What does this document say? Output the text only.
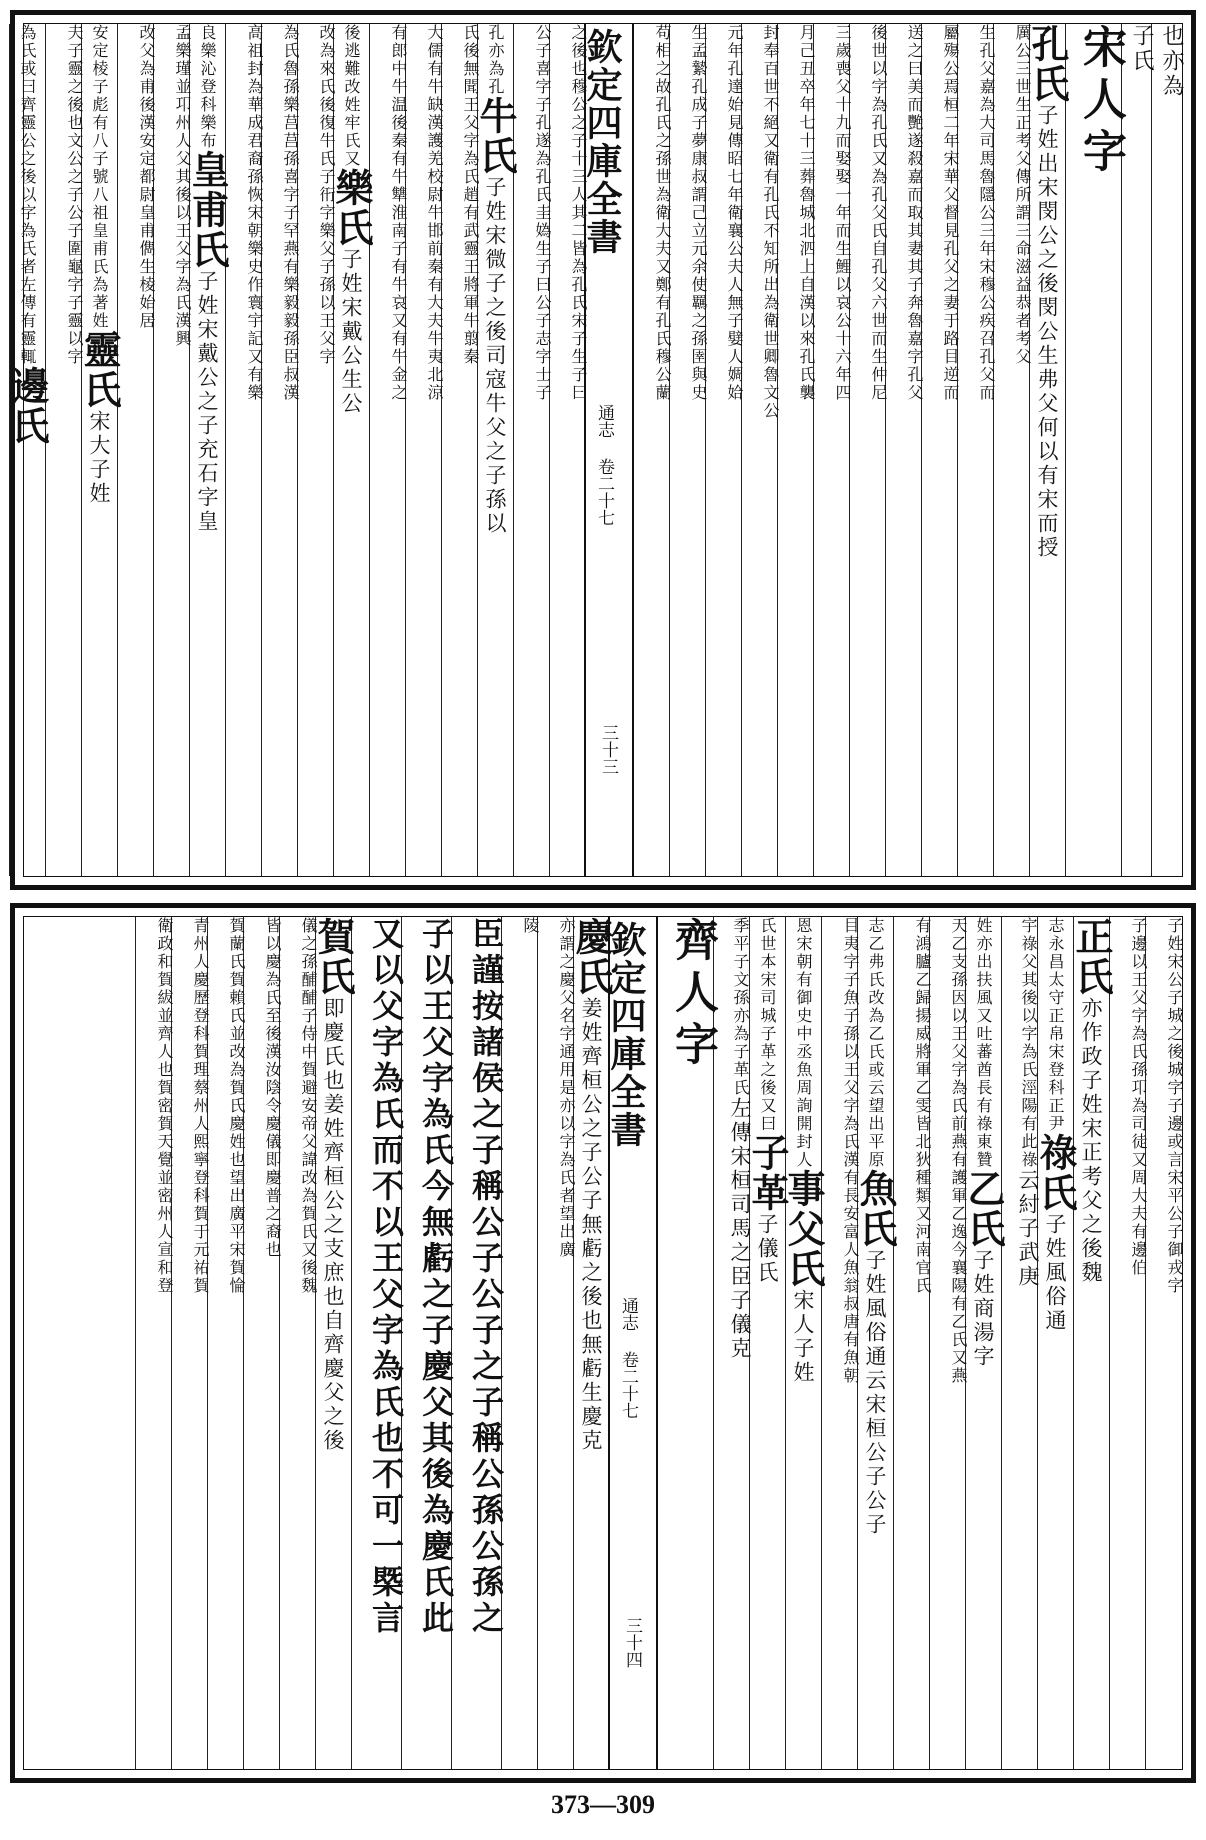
也亦為
子氏
宋人字
孔氏子姓出宋閔公之後閔公生弗父何以有宋而授
厲公三世生正考父傳所謂三命滋益恭者考父
生孔父嘉為大司馬魯隱公三年宋穆公疾召孔父而
屬殤公焉桓二年宋華父督見孔父之妻于路目逆而
送之曰美而艷遂殺嘉而取其妻其子奔魯嘉字孔父
後世以字為孔氏又為孔父氏自孔父六世而生仲尼
三歲喪父十九而娶娶一年而生鯉以哀公十六年四
月己丑卒年七十三葬魯城北泗上自漢以來孔氏襲
封奉百世不絕又衛有孔氏不知所出為衛世卿魯文公
元年孔達始見傳昭七年衛襄公夫人無子嬖人婤姶
生孟縶孔成子夢康叔謂己立元余使羈之孫圉與史
苟相之故孔氏之孫世為衛大夫又鄭有孔氏穆公蘭
欽定四庫全書
通志 卷二十七
三十三
之後也穆公之子十三人其二皆為孔氏宋子生子曰
公子喜字子孔遂為孔氏圭媯生子曰公子志字士子
孔亦為孔牛氏子姓宋微子之後司寇牛父之子孫以
氏後無聞王父字為氏趙有武靈王將軍牛翦秦
大儒有牛缺漢護羌校尉牛邯前秦有大夫牛夷北涼
有郎中牛温後秦有牛犨淮南子有牛哀又有牛金之
後逃難改姓牢氏又樂氏子姓宋戴公生公
改為來氏後復牛氏子衎字樂父子孫以王父字
為氏魯孫樂莒莒孫喜字子罕燕有樂毅毅孫臣叔漢
高祖封為華成君裔孫恢宋朝樂史作寰宇記又有樂
良樂沁登科樂布皇甫氏子姓宋戴公之子充石字皇
孟樂瑾並卭州人父其後以王父字為氏漢興
改父為甫後漢安定都尉皇甫儁生棱始居
安定棱子彪有八子號八祖皇甫氏為著姓靈氏宋大子姓
夫子靈之後也文公之子公子圍龜字子靈以字
為氏或曰齊靈公之後以字為氏者左傳有靈輒邊氏
子姓宋公子城之後城字子邊或言宋平公子御戎字
子邊以王父字為氏孫卭為司徒又周大夫有邊伯
正氏亦作政子姓宋正考父之後魏
志永昌太守正帛宋登科正尹祿氏子姓風俗通
宇祿父其後以字為氏涇陽有此祿云紂子武庚
姓亦出扶風又吐蕃酋長有祿東贊乙氏子姓商湯字
天乙支孫因以王父字為氏前燕有護軍乙逸今襄陽有乙氏又燕
有鴻臚乙歸揚威將軍乙雯皆北狄種類又河南官氏
志乙弗氏改為乙氏或云望出平原魚氏子姓風俗通云宋桓公子公子
目夷字子魚子孫以王父字為氏漢有長安富人魚翁叔唐有魚朝
恩宋朝有御史中丞魚周詢開封人事父氏宋人子姓
氏世本宋司城子革之後又曰子革子儀氏
季平子文孫亦為子革氏左傳宋桓司馬之臣子儀克
齊人字
欽定四庫全書
通志 卷二十七
三十四
慶氏姜姓齊桓公之子公子無虧之後也無虧生慶克
亦謂之慶父名字通用是亦以字為氏者望出廣
陵
臣謹按諸侯之子稱公子公子之子稱公孫公孫之
子以王父字為氏今無虧之子慶父其後為慶氏此
又以父字為氏而不以王父字為氏也不可一槩言
賀氏即慶氏也姜姓齊桓公之支庶也自齊慶父之後
儀之孫酺酺子侍中賀避安帝父諱改為賀氏又後魏
皆以慶為氏至後漢汝陰令慶儀即慶普之裔也
賀蘭氏賀賴氏並改為賀氏慶姓也望出廣平宋賀惀
青州人慶歷登科賀理蔡州人熙寧登科賀于元祐賀
衛政和賀紱並齊人也賀密賀天覺並密州人宣和登
373—309
